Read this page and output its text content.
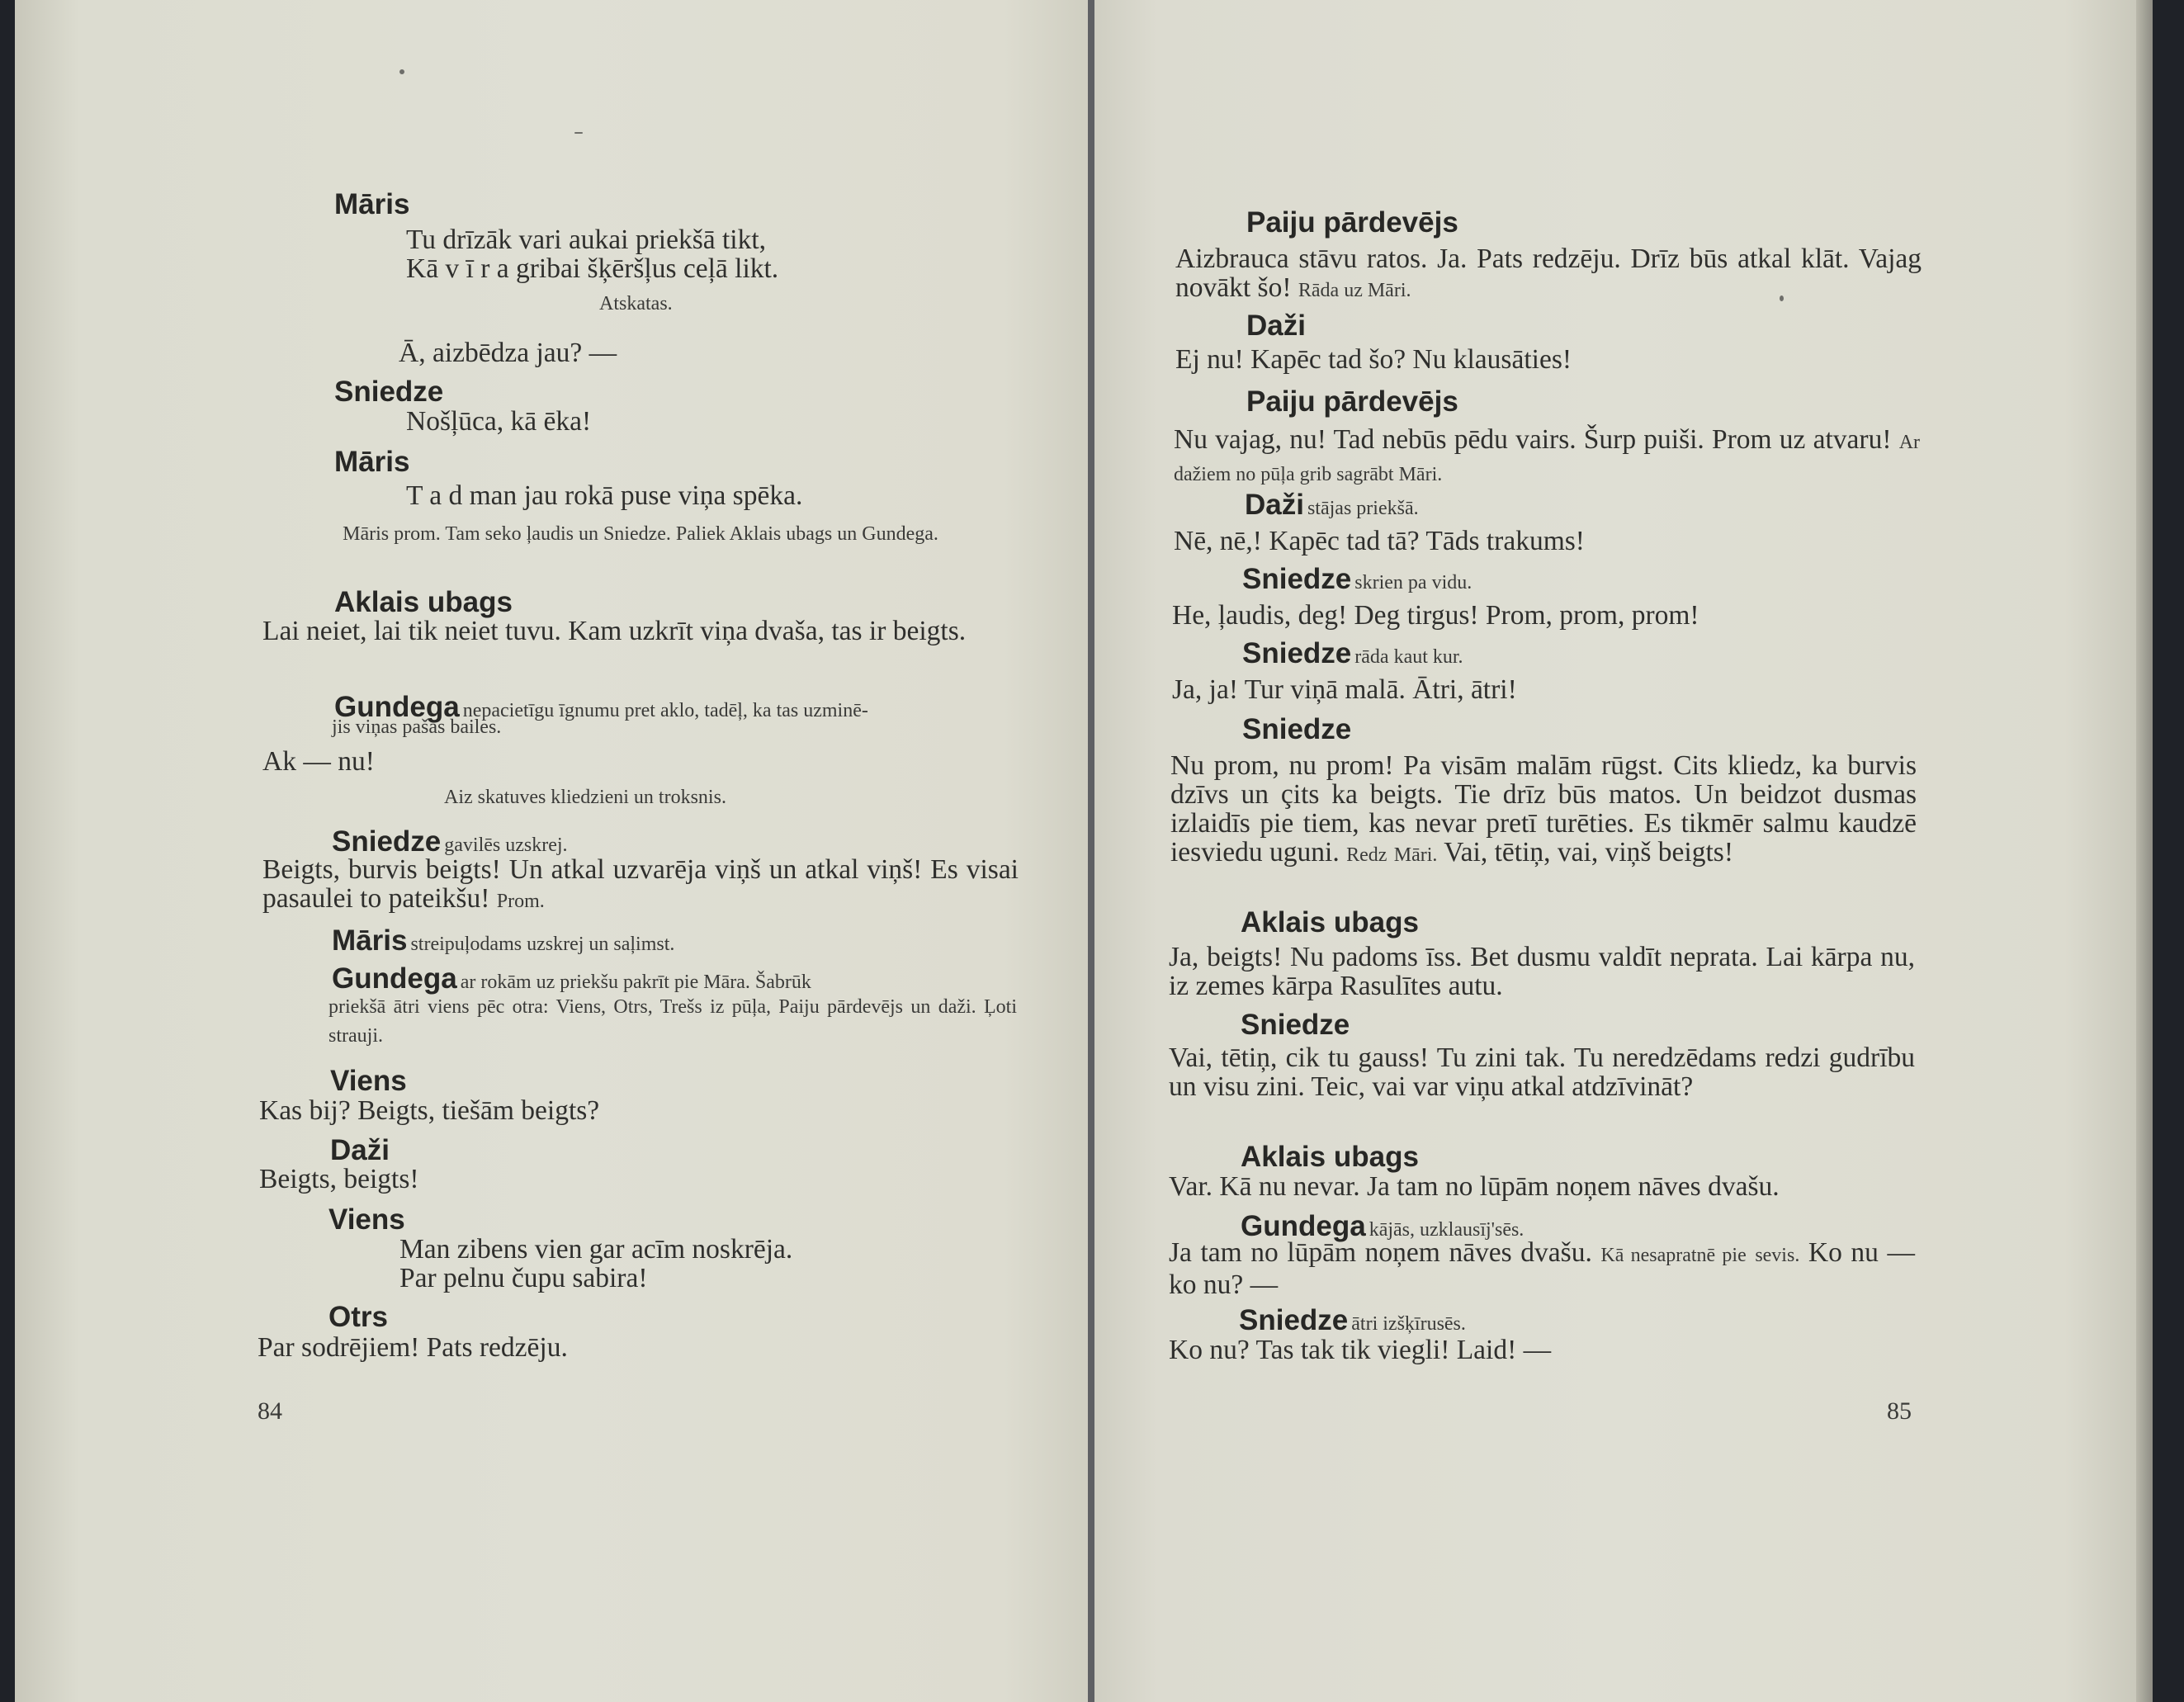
Māris
Tu drīzāk vari aukai priekšā tikt,
Kā v ī r a gribai šķēršļus ceļā likt.
Atskatas.
Ā, aizbēdza jau? —
Sniedze
Nošļūca, kā ēka!
Māris
T a d man jau rokā puse viņa spēka.
Māris prom. Tam seko ļaudis un Sniedze. Paliek Aklais ubags un Gundega.
Aklais ubags
Lai neiet, lai tik neiet tuvu. Kam uzkrīt viņa dvaša, tas ir beigts.
Gundega nepacietīgu īgnumu pret aklo, tadēļ, ka tas uzminē-
jis viņas pašas bailes.
Ak — nu!
Aiz skatuves kliedzieni un troksnis.
Sniedze gavilēs uzskrej.
Beigts, burvis beigts! Un atkal uzvarēja viņš un atkal viņš! Es visai pasaulei to pateikšu! Prom.
Māris streipuļodams uzskrej un saļimst.
Gundega ar rokām uz priekšu pakrīt pie Māra. Šabrūk
priekšā ātri viens pēc otra: Viens, Otrs, Trešs iz pūļa, Paiju pārdevējs un daži. Ļoti strauji.
Viens
Kas bij? Beigts, tiešām beigts?
Daži
Beigts, beigts!
Viens
Man zibens vien gar acīm noskrēja.
Par pelnu čupu sabira!
Otrs
Par sodrējiem! Pats redzēju.
84
Paiju pārdevējs
Aizbrauca stāvu ratos. Ja. Pats redzēju. Drīz būs atkal klāt. Vajag novākt šo! Rāda uz Māri.
Daži
Ej nu! Kapēc tad šo? Nu klausāties!
Paiju pārdevējs
Nu vajag, nu! Tad nebūs pēdu vairs. Šurp puiši. Prom uz atvaru! Ar dažiem no pūļa grib sagrābt Māri.
Daži stājas priekšā.
Nē, nē,! Kapēc tad tā? Tāds trakums!
Sniedze skrien pa vidu.
He, ļaudis, deg! Deg tirgus! Prom, prom, prom!
Sniedze rāda kaut kur.
Ja, ja! Tur viņā malā. Ātri, ātri!
Sniedze
Nu prom, nu prom! Pa visām malām rūgst. Cits kliedz, ka burvis dzīvs un çits ka beigts. Tie drīz būs matos. Un beidzot dusmas izlaidīs pie tiem, kas nevar pretī turēties. Es tikmēr salmu kaudzē iesviedu uguni. Redz Māri. Vai, tētiņ, vai, viņš beigts!
Aklais ubags
Ja, beigts! Nu padoms īss. Bet dusmu valdīt neprata. Lai kārpa nu, iz zemes kārpa Rasulītes autu.
Sniedze
Vai, tētiņ, cik tu gauss! Tu zini tak. Tu neredzēdams redzi gudrību un visu zini. Teic, vai var viņu atkal atdzīvināt?
Aklais ubags
Var. Kā nu nevar. Ja tam no lūpām noņem nāves dvašu.
Gundega kājās, uzklausīj'sēs.
Ja tam no lūpām noņem nāves dvašu. Kā nesapratnē pie sevis. Ko nu — ko nu? —
Sniedze ātri izšķīrusēs.
Ko nu? Tas tak tik viegli! Laid! —
85
